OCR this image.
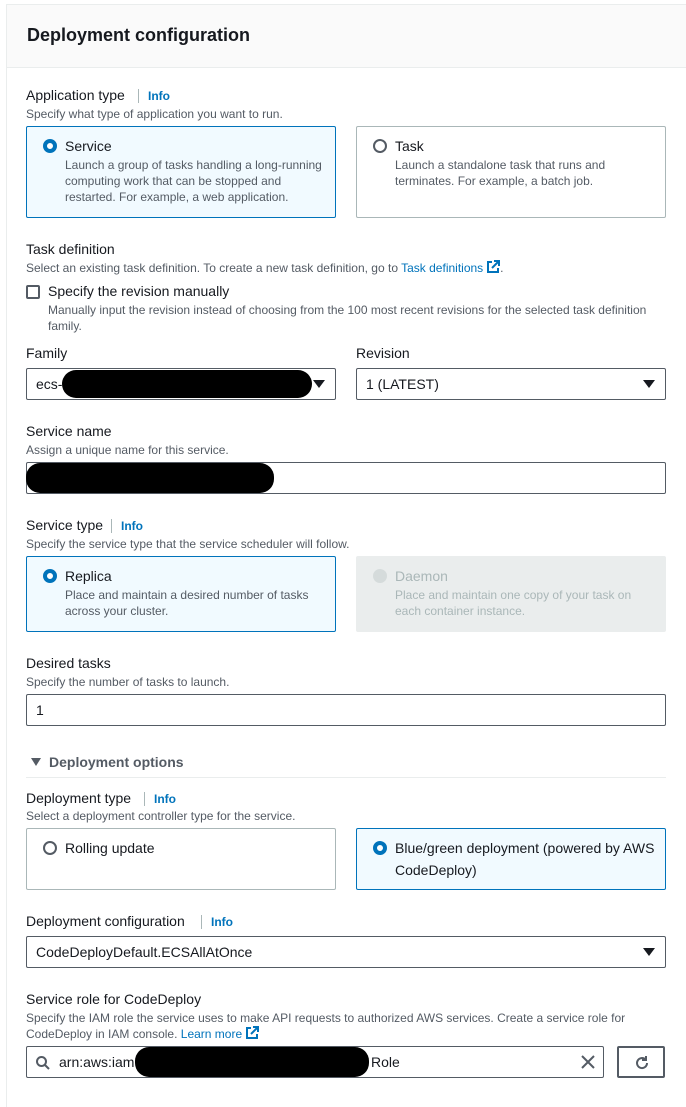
Deployment configuration
Application type	Info
Specify what type of application you want to run.
Service
Launch a group of tasks handling a long-running computing work that can be stopped and restarted. For example, a web application.
Task
Launch a standalone task that runs and terminates. For example, a batch job.
Task definition
Select an existing task definition. To create a new task definition, go to Task definitions .
Specify the revision manually
Manually input the revision instead of choosing from the 100 most recent revisions for the selected task definition family.
Family
ecs-
Revision
1 (LATEST)
Service name
Assign a unique name for this service.
Service type	Info
Specify the service type that the service scheduler will follow.
Replica
Place and maintain a desired number of tasks across your cluster.
Daemon
Place and maintain one copy of your task on each container instance.
Desired tasks
Specify the number of tasks to launch.
1
Deployment options
Deployment type	Info
Select a deployment controller type for the service.
Rolling update	Blue/green deployment (powered by AWS CodeDeploy)
Deployment configuration	Info
CodeDeployDefault.ECSAllAtOnce
Service role for CodeDeploy
Specify the IAM role the service uses to make API requests to authorized AWS services. Create a service role for CodeDeploy in IAM console. Learn more
arn:aws:iam	Role
